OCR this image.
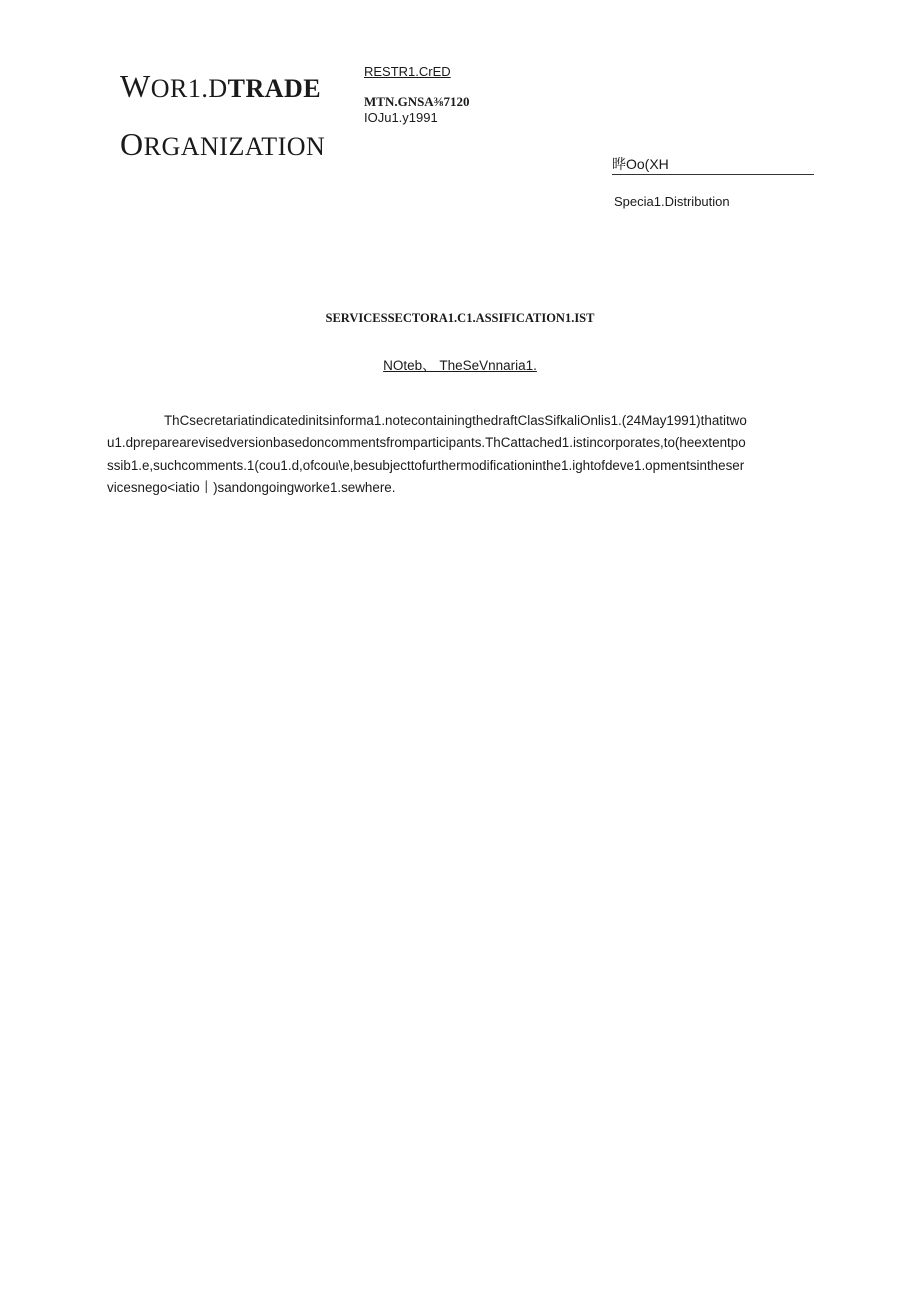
WOR1.DTRADE
ORGANIZATION
RESTR1.CrED
MTN.GNSA⅜7120
IOJu1.y1991
晔Oo(XH
Specia1.Distribution
SERVICESSECTORA1.C1.ASSIFICATION1.IST
NOteb、 TheSeVnnaria1.
ThCsecretariatindicatedinitsinforma1.notecontainingthedraftClasSifkaliOnlis1.(24May1991)thatitwo
u1.dpreparearevisedversionbasedoncommentsfromparticipants.ThCattached1.istincorporates,to(heextentpo
ssib1.e,suchcomments.1(cou1.d,ofcouι\e,besubjecttofurthermodificationinthe1.ightofdeve1.opmentsintheser
vicesnego<iatio丨)sandongoingworke1.sewhere.
